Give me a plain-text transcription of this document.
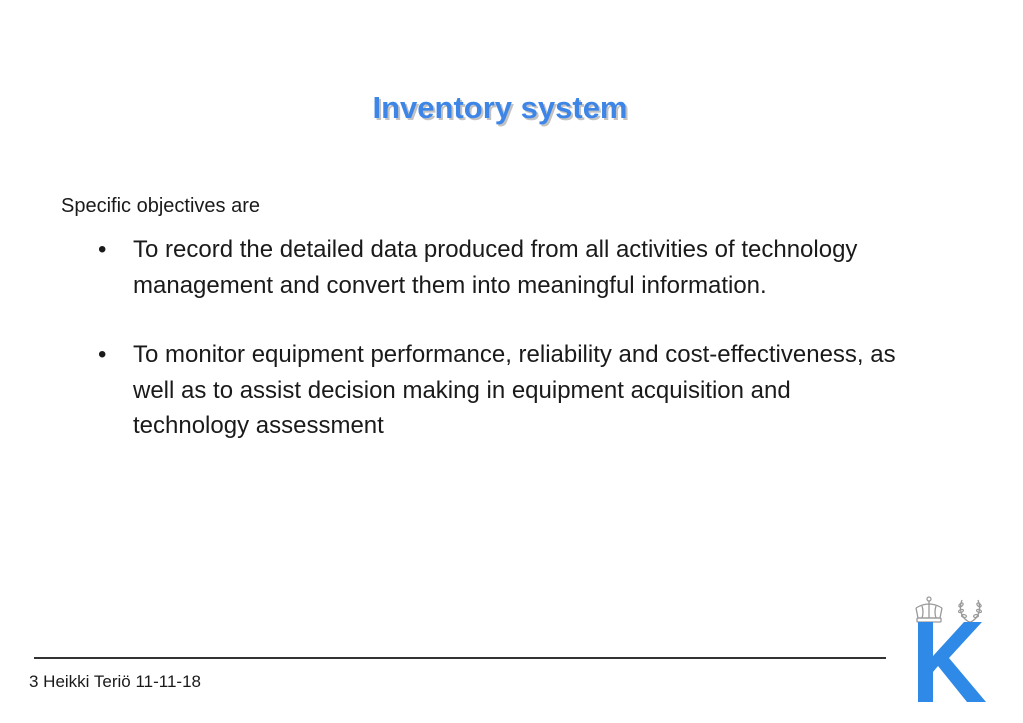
Inventory system

Specific objectives are

• To record the detailed data produced from all activities of technology management and convert them into meaningful information.
• To monitor equipment performance, reliability and cost-effectiveness, as well as to assist decision making in equipment acquisition and technology assessment

3 Heikki Teriö 11-11-18
